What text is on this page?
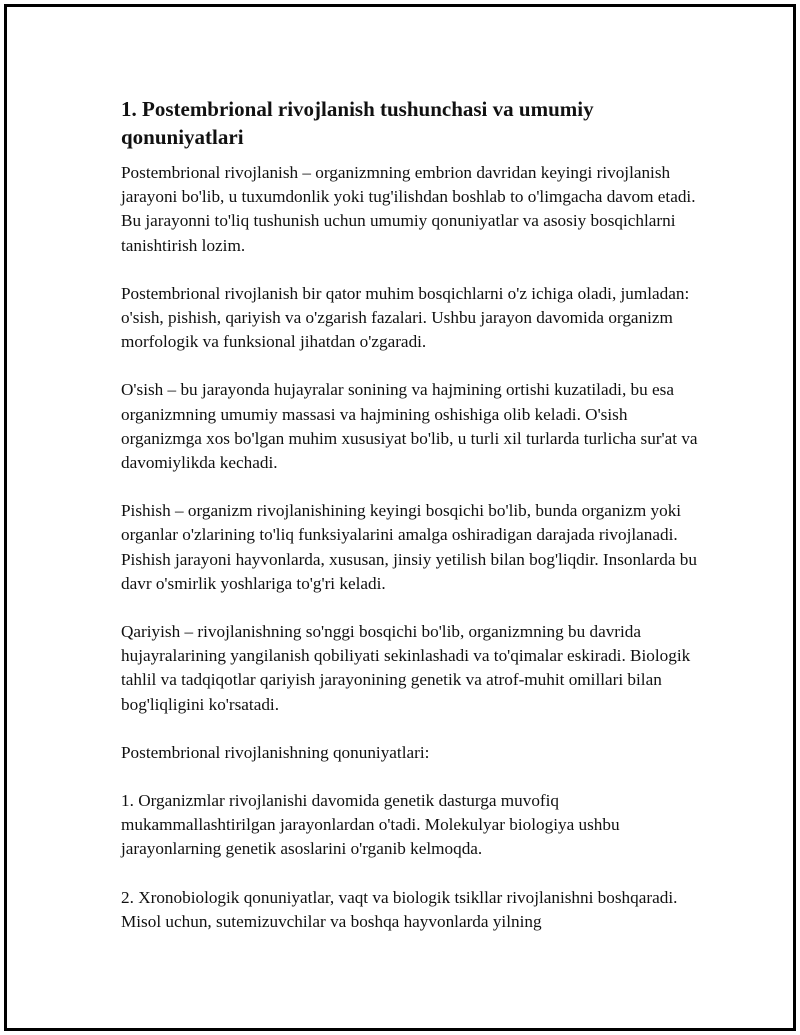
1. Postembrional rivojlanish tushunchasi va umumiy qonuniyatlari

Postembrional rivojlanish – organizmning embrion davridan keyingi rivojlanish jarayoni bo'lib, u tuxumdonlik yoki tug'ilishdan boshlab to o'limgacha davom etadi. Bu jarayonni to'liq tushunish uchun umumiy qonuniyatlar va asosiy bosqichlarni tanishtirish lozim.

Postembrional rivojlanish bir qator muhim bosqichlarni o'z ichiga oladi, jumladan: o'sish, pishish, qariyish va o'zgarish fazalari. Ushbu jarayon davomida organizm morfologik va funksional jihatdan o'zgaradi.

O'sish – bu jarayonda hujayralar sonining va hajmining ortishi kuzatiladi, bu esa organizmning umumiy massasi va hajmining oshishiga olib keladi. O'sish organizmga xos bo'lgan muhim xususiyat bo'lib, u turli xil turlarda turlicha sur'at va davomiylikda kechadi.

Pishish – organizm rivojlanishining keyingi bosqichi bo'lib, bunda organizm yoki organlar o'zlarining to'liq funksiyalarini amalga oshiradigan darajada rivojlanadi. Pishish jarayoni hayvonlarda, xususan, jinsiy yetilish bilan bog'liqdir. Insonlarda bu davr o'smirlik yoshlariga to'g'ri keladi.

Qariyish – rivojlanishning so'nggi bosqichi bo'lib, organizmning bu davrida hujayralarining yangilanish qobiliyati sekinlashadi va to'qimalar eskiradi. Biologik tahlil va tadqiqotlar qariyish jarayonining genetik va atrof-muhit omillari bilan bog'liqligini ko'rsatadi.

Postembrional rivojlanishning qonuniyatlari:

1. Organizmlar rivojlanishi davomida genetik dasturga muvofiq mukammallashtirilgan jarayonlardan o'tadi. Molekulyar biologiya ushbu jarayonlarning genetik asoslarini o'rganib kelmoqda.

2. Xronobiologik qonuniyatlar, vaqt va biologik tsikllar rivojlanishni boshqaradi. Misol uchun, sutemizuvchilar va boshqa hayvonlarda yilning
